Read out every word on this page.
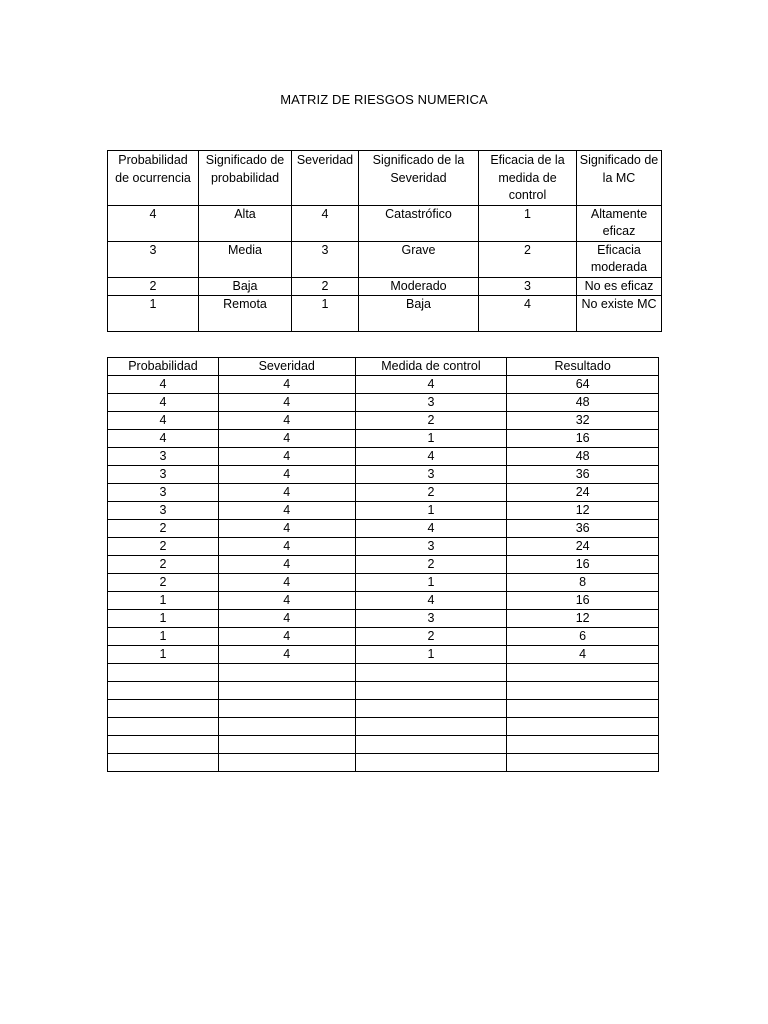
MATRIZ DE RIESGOS NUMERICA
Probabilidad de ocurrencia	Significado de probabilidad	Severidad	Significado de la Severidad	Eficacia de la medida de control	Significado de la MC
4	Alta	4	Catastrófico	1	Altamente eficaz
3	Media	3	Grave	2	Eficacia moderada
2	Baja	2	Moderado	3	No es eficaz
1	Remota	1	Baja	4	No existe MC
Probabilidad	Severidad	Medida de control	Resultado
4	4	4	64
4	4	3	48
4	4	2	32
4	4	1	16
3	4	4	48
3	4	3	36
3	4	2	24
3	4	1	12
2	4	4	36
2	4	3	24
2	4	2	16
2	4	1	8
1	4	4	16
1	4	3	12
1	4	2	6
1	4	1	4
